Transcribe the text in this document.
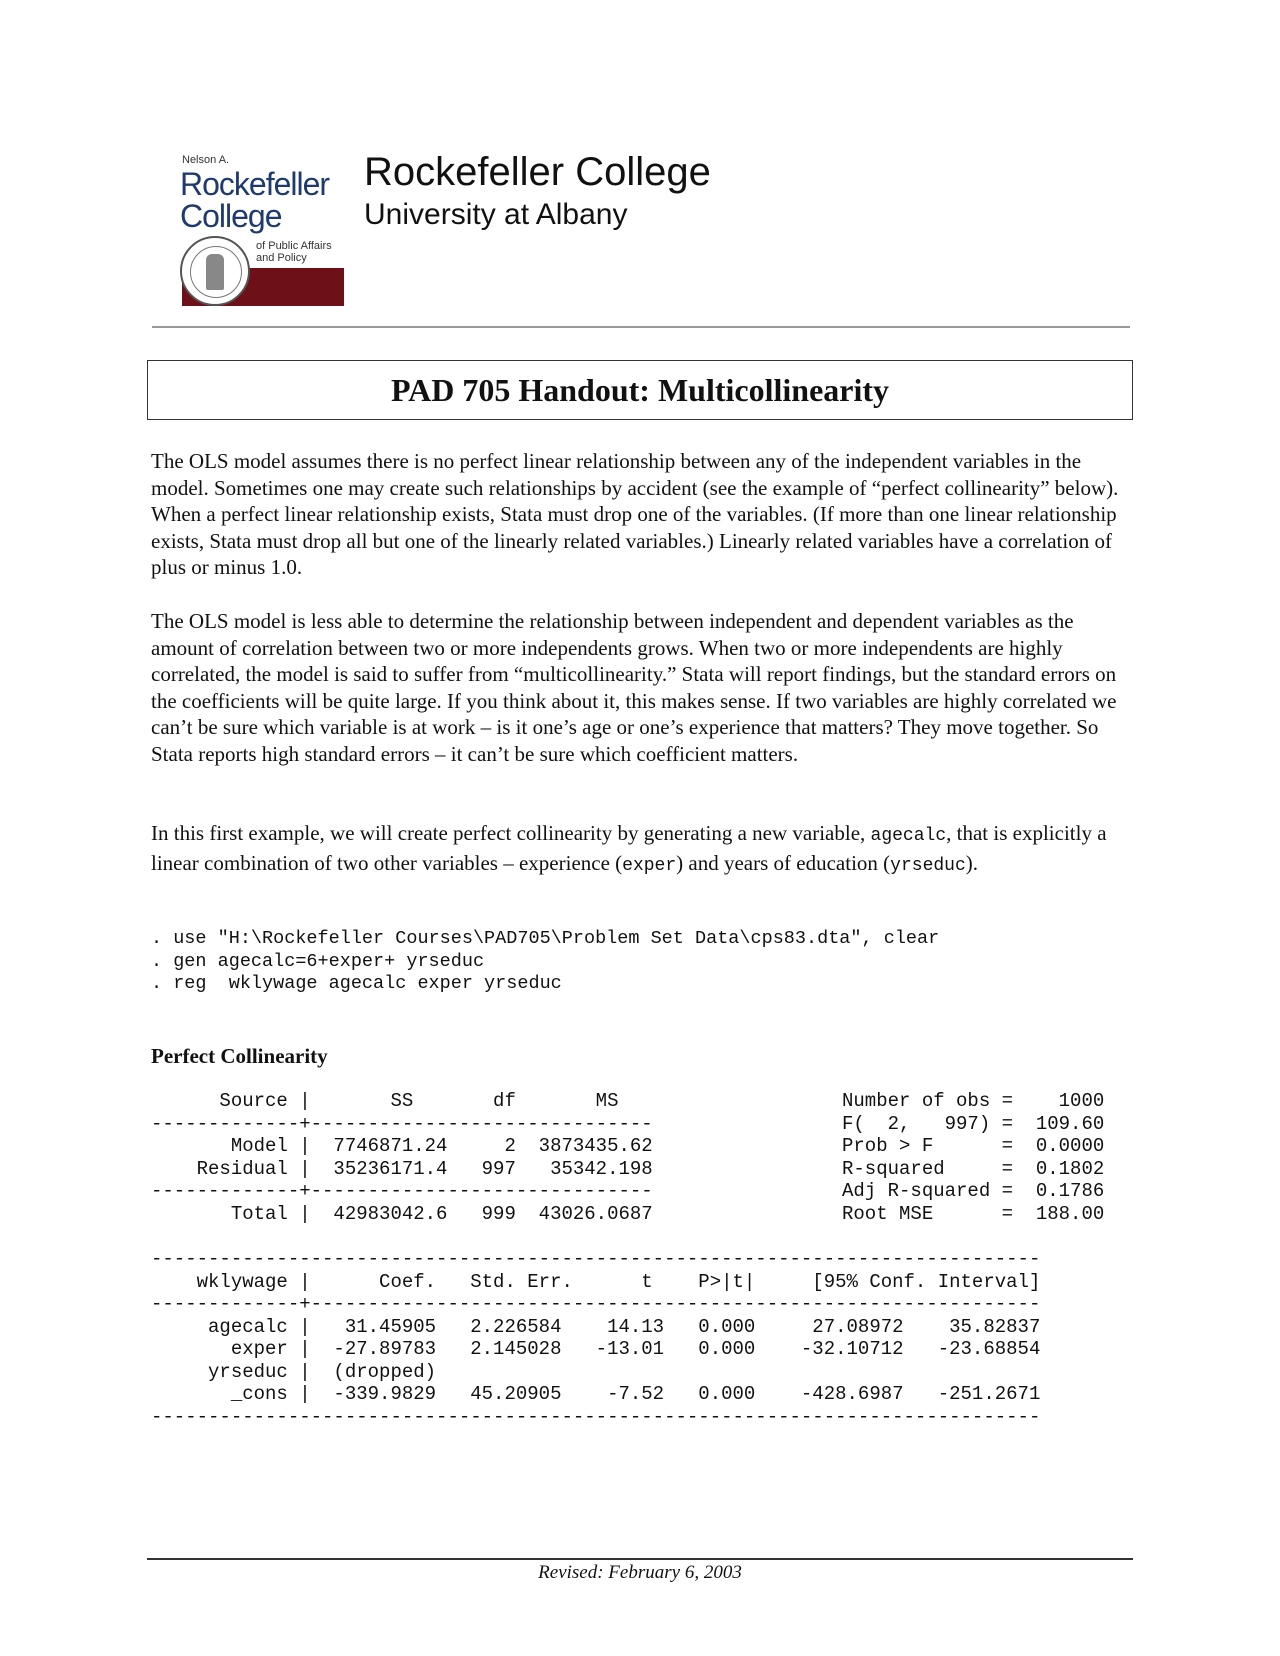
Nelson A.
Rockefeller
College
of Public Affairs
and Policy
Rockefeller College
University at Albany
PAD 705 Handout: Multicollinearity

The OLS model assumes there is no perfect linear relationship between any of the independent variables in the model. Sometimes one may create such relationships by accident (see the example of “perfect collinearity” below). When a perfect linear relationship exists, Stata must drop one of the variables. (If more than one linear relationship exists, Stata must drop all but one of the linearly related variables.) Linearly related variables have a correlation of plus or minus 1.0.

The OLS model is less able to determine the relationship between independent and dependent variables as the amount of correlation between two or more independents grows. When two or more independents are highly correlated, the model is said to suffer from “multicollinearity.” Stata will report findings, but the standard errors on the coefficients will be quite large. If you think about it, this makes sense. If two variables are highly correlated we can’t be sure which variable is at work – is it one’s age or one’s experience that matters? They move together. So Stata reports high standard errors – it can’t be sure which coefficient matters.

In this first example, we will create perfect collinearity by generating a new variable, agecalc, that is explicitly a linear combination of two other variables – experience (exper) and years of education (yrseduc).

. use "H:\Rockefeller Courses\PAD705\Problem Set Data\cps83.dta", clear
. gen agecalc=6+exper+ yrseduc
. reg  wklywage agecalc exper yrseduc
Perfect Collinearity
Source |       SS       df       MS
-------------+------------------------------
Model |  7746871.24     2  3873435.62
Residual |  35236171.4   997   35342.198
-------------+------------------------------
Total |  42983042.6   999  43026.0687
Number of obs =    1000
F(  2,   997) =  109.60
Prob > F      =  0.0000
R-squared     =  0.1802
Adj R-squared =  0.1786
Root MSE      =  188.00
------------------------------------------------------------------------------
wklywage |      Coef.   Std. Err.      t    P>|t|     [95% Conf. Interval]
-------------+----------------------------------------------------------------
agecalc |   31.45905   2.226584    14.13   0.000     27.08972    35.82837
exper |  -27.89783   2.145028   -13.01   0.000    -32.10712   -23.68854
yrseduc |  (dropped)
_cons |  -339.9829   45.20905    -7.52   0.000    -428.6987   -251.2671
------------------------------------------------------------------------------
Revised: February 6, 2003
